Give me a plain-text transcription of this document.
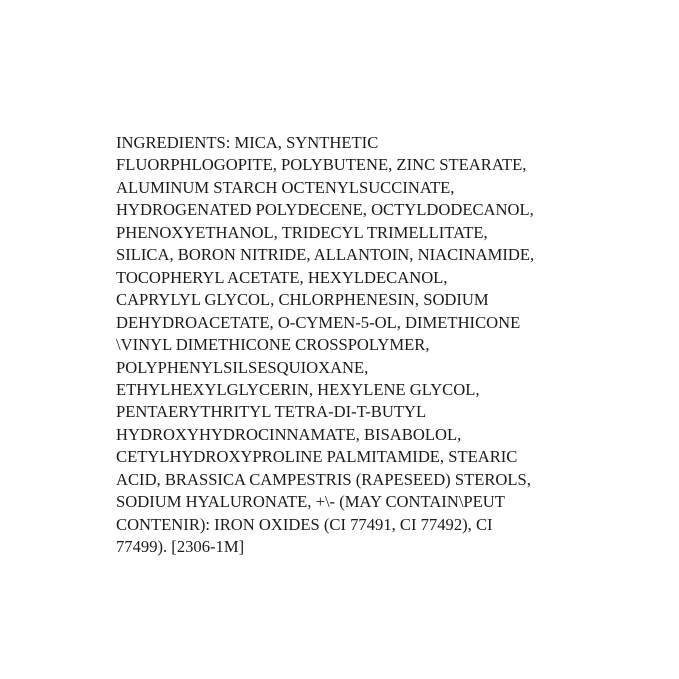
INGREDIENTS: MICA, SYNTHETIC
FLUORPHLOGOPITE, POLYBUTENE, ZINC STEARATE,
ALUMINUM STARCH OCTENYLSUCCINATE,
HYDROGENATED POLYDECENE, OCTYLDODECANOL,
PHENOXYETHANOL, TRIDECYL TRIMELLITATE,
SILICA, BORON NITRIDE, ALLANTOIN, NIACINAMIDE,
TOCOPHERYL ACETATE, HEXYLDECANOL,
CAPRYLYL GLYCOL, CHLORPHENESIN, SODIUM
DEHYDROACETATE, O-CYMEN-5-OL, DIMETHICONE
\VINYL DIMETHICONE CROSSPOLYMER,
POLYPHENYLSILSESQUIOXANE,
ETHYLHEXYLGLYCERIN, HEXYLENE GLYCOL,
PENTAERYTHRITYL TETRA-DI-T-BUTYL
HYDROXYHYDROCINNAMATE, BISABOLOL,
CETYLHYDROXYPROLINE PALMITAMIDE, STEARIC
ACID, BRASSICA CAMPESTRIS (RAPESEED) STEROLS,
SODIUM HYALURONATE, +\- (MAY CONTAIN\PEUT
CONTENIR): IRON OXIDES (CI 77491, CI 77492), CI
77499). [2306-1M]
